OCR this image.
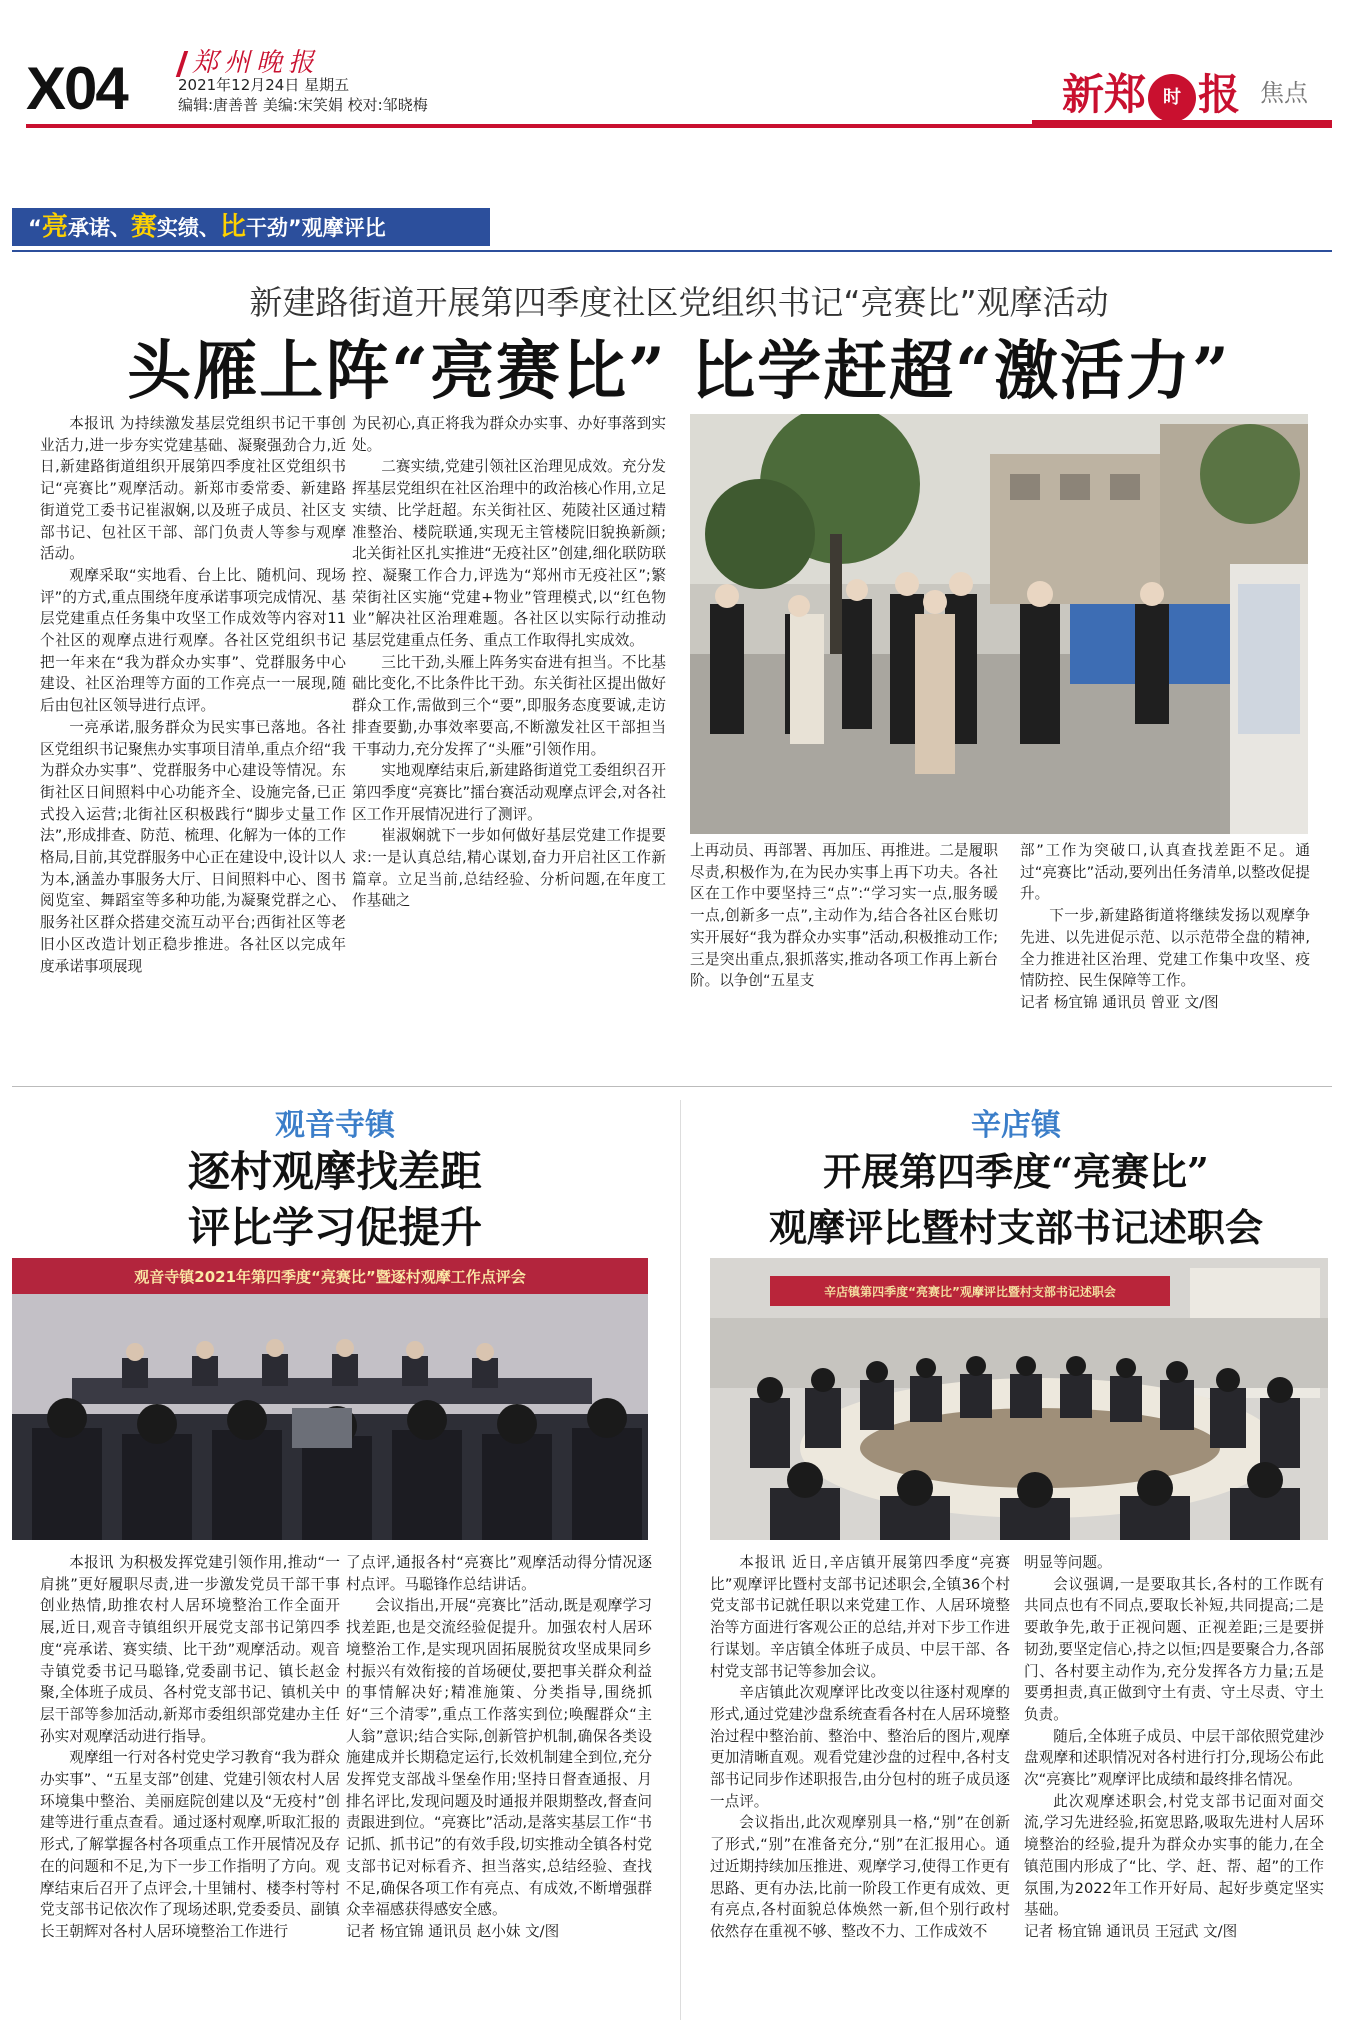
X04	郑州晚报
2021年12月24日 星期五
编辑:唐善普 美编:宋笑娟 校对:邹晓梅	新郑 时 报 焦点
“亮承诺、赛实绩、比干劲”观摩评比
新建路街道开展第四季度社区党组织书记“亮赛比”观摩活动
头雁上阵“亮赛比” 比学赶超“激活力”

本报讯 为持续激发基层党组织书记干事创业活力,进一步夯实党建基础、凝聚强劲合力,近日,新建路街道组织开展第四季度社区党组织书记“亮赛比”观摩活动。新郑市委常委、新建路街道党工委书记崔淑娴,以及班子成员、社区支部书记、包社区干部、部门负责人等参与观摩活动。

观摩采取“实地看、台上比、随机问、现场评”的方式,重点围绕年度承诺事项完成情况、基层党建重点任务集中攻坚工作成效等内容对11个社区的观摩点进行观摩。各社区党组织书记把一年来在“我为群众办实事”、党群服务中心建设、社区治理等方面的工作亮点一一展现,随后由包社区领导进行点评。

一亮承诺,服务群众为民实事已落地。各社区党组织书记聚焦办实事项目清单,重点介绍“我为群众办实事”、党群服务中心建设等情况。东街社区日间照料中心功能齐全、设施完备,已正式投入运营;北街社区积极践行“脚步丈量工作法”,形成排查、防范、梳理、化解为一体的工作格局,目前,其党群服务中心正在建设中,设计以人为本,涵盖办事服务大厅、日间照料中心、图书阅览室、舞蹈室等多种功能,为凝聚党群之心、服务社区群众搭建交流互动平台;西街社区等老旧小区改造计划正稳步推进。各社区以完成年度承诺事项展现

为民初心,真正将我为群众办实事、办好事落到实处。

二赛实绩,党建引领社区治理见成效。充分发挥基层党组织在社区治理中的政治核心作用,立足实绩、比学赶超。东关街社区、苑陵社区通过精准整治、楼院联通,实现无主管楼院旧貌换新颜;北关街社区扎实推进“无疫社区”创建,细化联防联控、凝聚工作合力,评选为“郑州市无疫社区”;繁荣街社区实施“党建+物业”管理模式,以“红色物业”解决社区治理难题。各社区以实际行动推动基层党建重点任务、重点工作取得扎实成效。

三比干劲,头雁上阵务实奋进有担当。不比基础比变化,不比条件比干劲。东关街社区提出做好群众工作,需做到三个“要”,即服务态度要诚,走访排查要勤,办事效率要高,不断激发社区干部担当干事动力,充分发挥了“头雁”引领作用。

实地观摩结束后,新建路街道党工委组织召开第四季度“亮赛比”擂台赛活动观摩点评会,对各社区工作开展情况进行了测评。

崔淑娴就下一步如何做好基层党建工作提要求:一是认真总结,精心谋划,奋力开启社区工作新篇章。立足当前,总结经验、分析问题,在年度工作基础之

上再动员、再部署、再加压、再推进。二是履职尽责,积极作为,在为民办实事上再下功夫。各社区在工作中要坚持三“点”:“学习实一点,服务暖一点,创新多一点”,主动作为,结合各社区台账切实开展好“我为群众办实事”活动,积极推动工作;三是突出重点,狠抓落实,推动各项工作再上新台阶。以争创“五星支

部”工作为突破口,认真查找差距不足。通过“亮赛比”活动,要列出任务清单,以整改促提升。

下一步,新建路街道将继续发扬以观摩争先进、以先进促示范、以示范带全盘的精神,全力推进社区治理、党建工作集中攻坚、疫情防控、民生保障等工作。

记者 杨宜锦 通讯员 曾亚 文/图

观音寺镇
逐村观摩找差距
评比学习促提升
观音寺镇2021年第四季度“亮赛比”暨逐村观摩工作点评会

本报讯 为积极发挥党建引领作用,推动“一肩挑”更好履职尽责,进一步激发党员干部干事创业热情,助推农村人居环境整治工作全面开展,近日,观音寺镇组织开展党支部书记第四季度“亮承诺、赛实绩、比干劲”观摩活动。观音寺镇党委书记马聪锋,党委副书记、镇长赵金聚,全体班子成员、各村党支部书记、镇机关中层干部等参加活动,新郑市委组织部党建办主任孙实对观摩活动进行指导。

观摩组一行对各村党史学习教育“我为群众办实事”、“五星支部”创建、党建引领农村人居环境集中整治、美丽庭院创建以及“无疫村”创建等进行重点查看。通过逐村观摩,听取汇报的形式,了解掌握各村各项重点工作开展情况及存在的问题和不足,为下一步工作指明了方向。观摩结束后召开了点评会,十里铺村、楼李村等村党支部书记依次作了现场述职,党委委员、副镇长王朝辉对各村人居环境整治工作进行

了点评,通报各村“亮赛比”观摩活动得分情况逐村点评。马聪锋作总结讲话。

会议指出,开展“亮赛比”活动,既是观摩学习找差距,也是交流经验促提升。加强农村人居环境整治工作,是实现巩固拓展脱贫攻坚成果同乡村振兴有效衔接的首场硬仗,要把事关群众利益的事情解决好;精准施策、分类指导,围绕抓好“三个清零”,重点工作落实到位;唤醒群众“主人翁”意识;结合实际,创新管护机制,确保各类设施建成并长期稳定运行,长效机制建全到位,充分发挥党支部战斗堡垒作用;坚持日督查通报、月排名评比,发现问题及时通报并限期整改,督查问责跟进到位。“亮赛比”活动,是落实基层工作“书记抓、抓书记”的有效手段,切实推动全镇各村党支部书记对标看齐、担当落实,总结经验、查找不足,确保各项工作有亮点、有成效,不断增强群众幸福感获得感安全感。

记者 杨宜锦 通讯员 赵小妹 文/图

辛店镇
开展第四季度“亮赛比”
观摩评比暨村支部书记述职会
辛店镇第四季度“亮赛比”观摩评比暨村支部书记述职会

本报讯 近日,辛店镇开展第四季度“亮赛比”观摩评比暨村支部书记述职会,全镇36个村党支部书记就任职以来党建工作、人居环境整治等方面进行客观公正的总结,并对下步工作进行谋划。辛店镇全体班子成员、中层干部、各村党支部书记等参加会议。

辛店镇此次观摩评比改变以往逐村观摩的形式,通过党建沙盘系统查看各村在人居环境整治过程中整治前、整治中、整治后的图片,观摩更加清晰直观。观看党建沙盘的过程中,各村支部书记同步作述职报告,由分包村的班子成员逐一点评。

会议指出,此次观摩别具一格,“别”在创新了形式,“别”在准备充分,“别”在汇报用心。通过近期持续加压推进、观摩学习,使得工作更有思路、更有办法,比前一阶段工作更有成效、更有亮点,各村面貌总体焕然一新,但个别行政村依然存在重视不够、整改不力、工作成效不

明显等问题。

会议强调,一是要取其长,各村的工作既有共同点也有不同点,要取长补短,共同提高;二是要敢争先,敢于正视问题、正视差距;三是要拼韧劲,要坚定信心,持之以恒;四是要聚合力,各部门、各村要主动作为,充分发挥各方力量;五是要勇担责,真正做到守土有责、守土尽责、守土负责。

随后,全体班子成员、中层干部依照党建沙盘观摩和述职情况对各村进行打分,现场公布此次“亮赛比”观摩评比成绩和最终排名情况。

此次观摩述职会,村党支部书记面对面交流,学习先进经验,拓宽思路,吸取先进村人居环境整治的经验,提升为群众办实事的能力,在全镇范围内形成了“比、学、赶、帮、超”的工作氛围,为2022年工作开好局、起好步奠定坚实基础。

记者 杨宜锦 通讯员 王冠武 文/图
